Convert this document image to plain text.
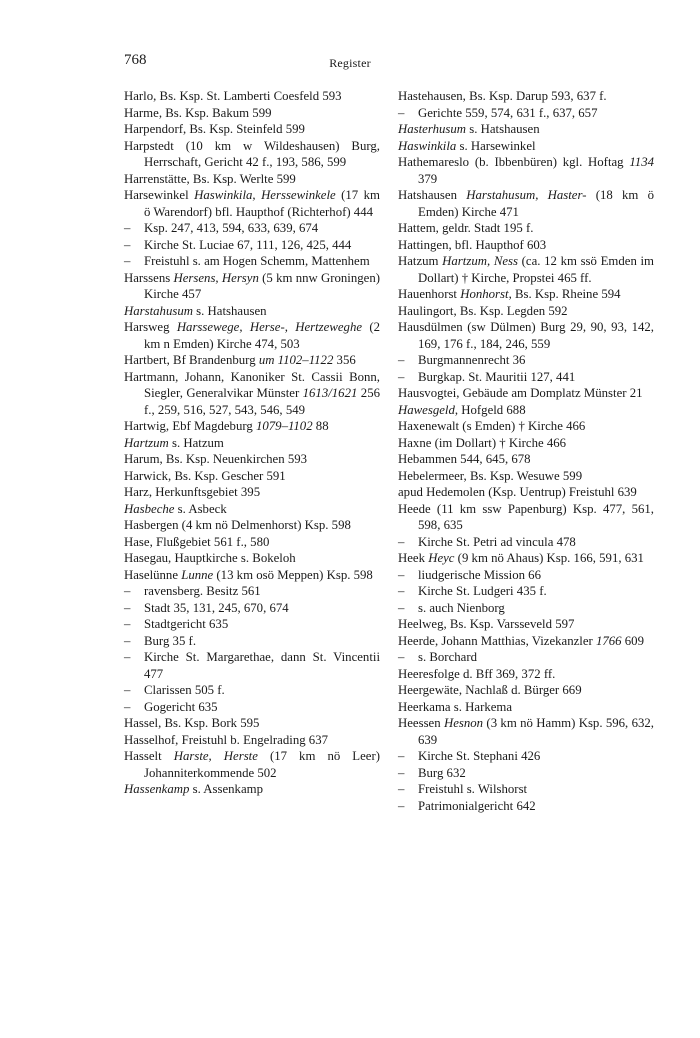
768	Register

Harlo, Bs. Ksp. St. Lamberti Coesfeld 593

Harme, Bs. Ksp. Bakum 599

Harpendorf, Bs. Ksp. Steinfeld 599

Harpstedt (10 km w Wildeshausen) Burg, Herrschaft, Gericht 42 f., 193, 586, 599

Harrenstätte, Bs. Ksp. Werlte 599

Harsewinkel Haswinkila, Herssewinkele (17 km ö Warendorf) bfl. Haupthof (Richterhof) 444

– Ksp. 247, 413, 594, 633, 639, 674

– Kirche St. Luciae 67, 111, 126, 425, 444

– Freistuhl s. am Hogen Schemm, Mattenhem

Harssens Hersens, Hersyn (5 km nnw Groningen) Kirche 457

Harstahusum s. Hatshausen

Harsweg Harssewege, Herse-, Hertzeweghe (2 km n Emden) Kirche 474, 503

Hartbert, Bf Brandenburg um 1102–1122 356

Hartmann, Johann, Kanoniker St. Cassii Bonn, Siegler, Generalvikar Münster 1613/1621 256 f., 259, 516, 527, 543, 546, 549

Hartwig, Ebf Magdeburg 1079–1102 88

Hartzum s. Hatzum

Harum, Bs. Ksp. Neuenkirchen 593

Harwick, Bs. Ksp. Gescher 591

Harz, Herkunftsgebiet 395

Hasbeche s. Asbeck

Hasbergen (4 km nö Delmenhorst) Ksp. 598

Hase, Flußgebiet 561 f., 580

Hasegau, Hauptkirche s. Bokeloh

Haselünne Lunne (13 km osö Meppen) Ksp. 598

– ravensberg. Besitz 561

– Stadt 35, 131, 245, 670, 674

– Stadtgericht 635

– Burg 35 f.

– Kirche St. Margarethae, dann St. Vincentii 477

– Clarissen 505 f.

– Gogericht 635

Hassel, Bs. Ksp. Bork 595

Hasselhof, Freistuhl b. Engelrading 637

Hasselt Harste, Herste (17 km nö Leer) Johanniterkommende 502

Hassenkamp s. Assenkamp

Hastehausen, Bs. Ksp. Darup 593, 637 f.

– Gerichte 559, 574, 631 f., 637, 657

Hasterhusum s. Hatshausen

Haswinkila s. Harsewinkel

Hathemareslo (b. Ibbenbüren) kgl. Hoftag 1134 379

Hatshausen Harstahusum, Haster- (18 km ö Emden) Kirche 471

Hattem, geldr. Stadt 195 f.

Hattingen, bfl. Haupthof 603

Hatzum Hartzum, Ness (ca. 12 km ssö Emden im Dollart) † Kirche, Propstei 465 ff.

Hauenhorst Honhorst, Bs. Ksp. Rheine 594

Haulingort, Bs. Ksp. Legden 592

Hausdülmen (sw Dülmen) Burg 29, 90, 93, 142, 169, 176 f., 184, 246, 559

– Burgmannenrecht 36

– Burgkap. St. Mauritii 127, 441

Hausvogtei, Gebäude am Domplatz Münster 21

Hawesgeld, Hofgeld 688

Haxenewalt (s Emden) † Kirche 466

Haxne (im Dollart) † Kirche 466

Hebammen 544, 645, 678

Hebelermeer, Bs. Ksp. Wesuwe 599

apud Hedemolen (Ksp. Uentrup) Freistuhl 639

Heede (11 km ssw Papenburg) Ksp. 477, 561, 598, 635

– Kirche St. Petri ad vincula 478

Heek Heyc (9 km nö Ahaus) Ksp. 166, 591, 631

– liudgerische Mission 66

– Kirche St. Ludgeri 435 f.

– s. auch Nienborg

Heelweg, Bs. Ksp. Varsseveld 597

Heerde, Johann Matthias, Vizekanzler 1766 609

– s. Borchard

Heeresfolge d. Bff 369, 372 ff.

Heergewäte, Nachlaß d. Bürger 669

Heerkama s. Harkema

Heessen Hesnon (3 km nö Hamm) Ksp. 596, 632, 639

– Kirche St. Stephani 426

– Burg 632

– Freistuhl s. Wilshorst

– Patrimonialgericht 642
